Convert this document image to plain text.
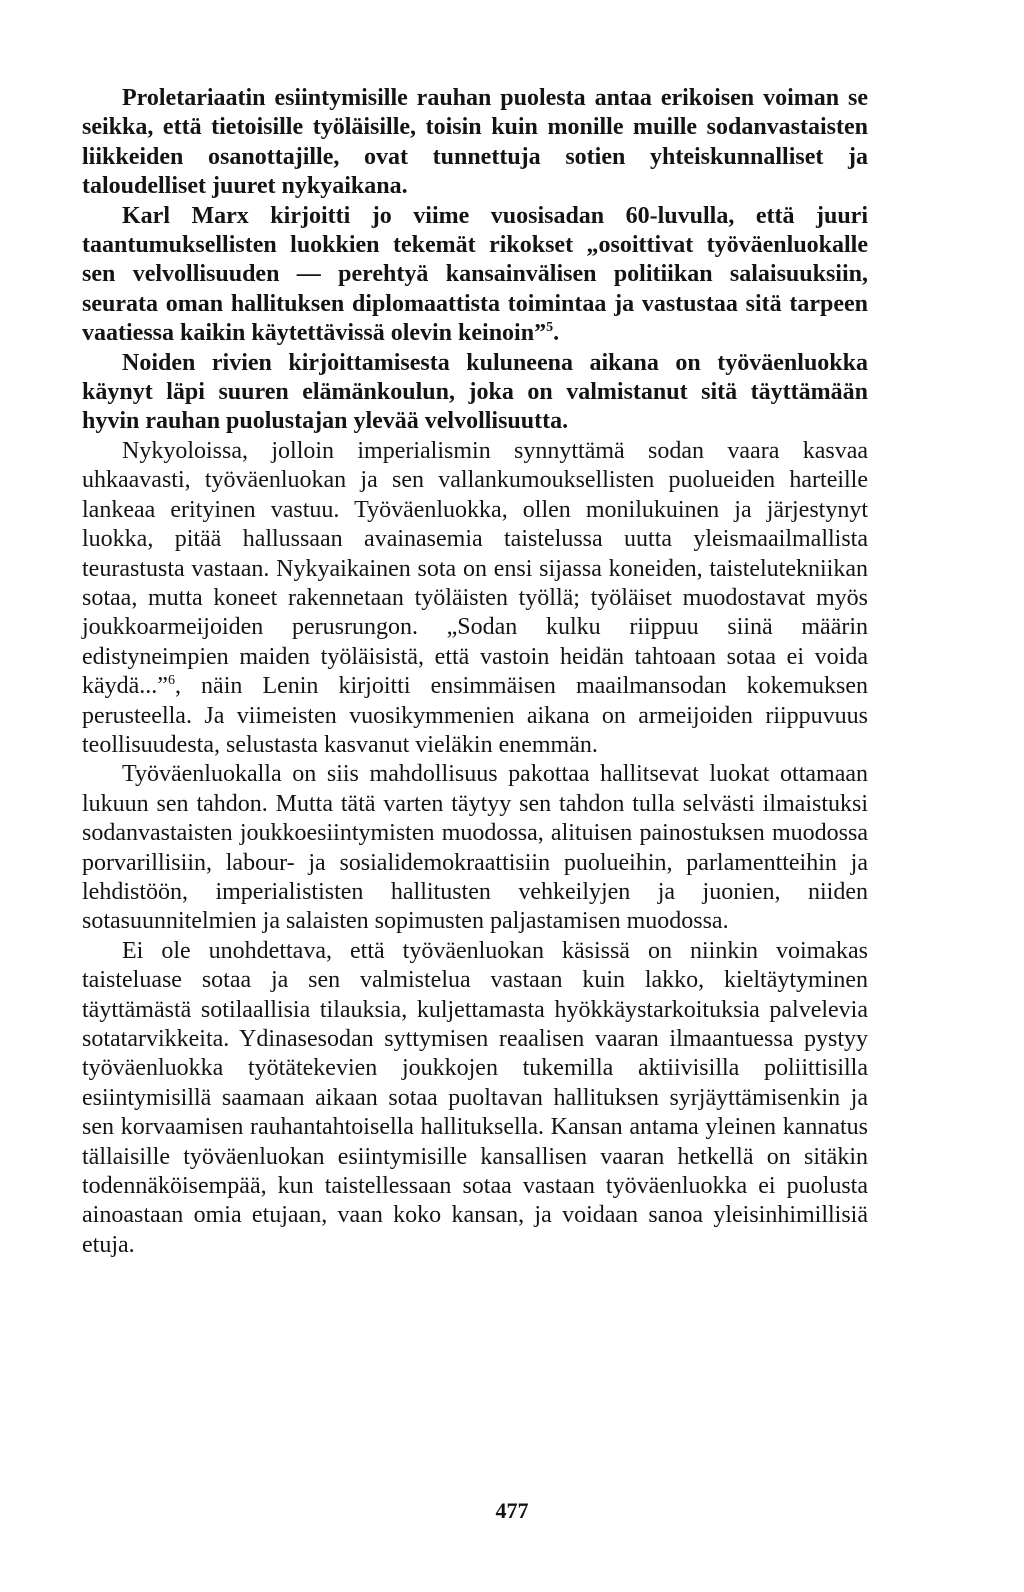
Proletariaatin esiintymisille rauhan puolesta antaa erikoisen voiman se seikka, että tietoisille työläisille, toisin kuin monille muille sodanvastaisten liikkeiden osanottajille, ovat tunnettuja sotien yhteiskunnalliset ja taloudelliset juuret nykyaikana.

Karl Marx kirjoitti jo viime vuosisadan 60-luvulla, että juuri taantumuksellisten luokkien tekemät rikokset „osoittivat työväenluokalle sen velvollisuuden — perehtyä kansainvälisen politiikan salaisuuksiin, seurata oman hallituksen diplomaattista toimintaa ja vastustaa sitä tarpeen vaatiessa kaikin käytettävissä olevin keinoin”$^5$.

Noiden rivien kirjoittamisesta kuluneena aikana on työväenluokka käynyt läpi suuren elämänkoulun, joka on valmistanut sitä täyttämään hyvin rauhan puolustajan ylevää velvollisuutta.

Nykyoloissa, jolloin imperialismin synnyttämä sodan vaara kasvaa uhkaavasti, työväenluokan ja sen vallankumouksellisten puolueiden harteille lankeaa erityinen vastuu. Työväenluokka, ollen monilukuinen ja järjestynyt luokka, pitää hallussaan avainasemia taistelussa uutta yleismaailmallista teurastusta vastaan. Nykyaikainen sota on ensi sijassa koneiden, taistelutekniikan sotaa, mutta koneet rakennetaan työläisten työllä; työläiset muodostavat myös joukkoarmeijoiden perusrungon. „Sodan kulku riippuu siinä määrin edistyneimpien maiden työläisistä, että vastoin heidän tahtoaan sotaa ei voida käydä...”$^6$, näin Lenin kirjoitti ensimmäisen maailmansodan kokemuksen perusteella. Ja viimeisten vuosikymmenien aikana on armeijoiden riippuvuus teollisuudesta, selustasta kasvanut vieläkin enemmän.

Työväenluokalla on siis mahdollisuus pakottaa hallitsevat luokat ottamaan lukuun sen tahdon. Mutta tätä varten täytyy sen tahdon tulla selvästi ilmaistuksi sodanvastaisten joukkoesiintymisten muodossa, alituisen painostuksen muodossa porvarillisiin, labour- ja sosialidemokraattisiin puolueihin, parlamentteihin ja lehdistöön, imperialististen hallitusten vehkeilyjen ja juonien, niiden sotasuunnitelmien ja salaisten sopimusten paljastamisen muodossa.

Ei ole unohdettava, että työväenluokan käsissä on niinkin voimakas taisteluase sotaa ja sen valmistelua vastaan kuin lakko, kieltäytyminen täyttämästä sotilaallisia tilauksia, kuljettamasta hyökkäystarkoituksia palvelevia sotatarvikkeita. Ydinasesodan syttymisen reaalisen vaaran ilmaantuessa pystyy työväenluokka työtätekevien joukkojen tukemilla aktiivisilla poliittisilla esiintymisillä saamaan aikaan sotaa puoltavan hallituksen syrjäyttämisenkin ja sen korvaamisen rauhantahtoisella hallituksella. Kansan antama yleinen kannatus tällaisille työväenluokan esiintymisille kansallisen vaaran hetkellä on sitäkin todennäköisempää, kun taistellessaan sotaa vastaan työväenluokka ei puolusta ainoastaan omia etujaan, vaan koko kansan, ja voidaan sanoa yleisinhimillisiä etuja.

477
